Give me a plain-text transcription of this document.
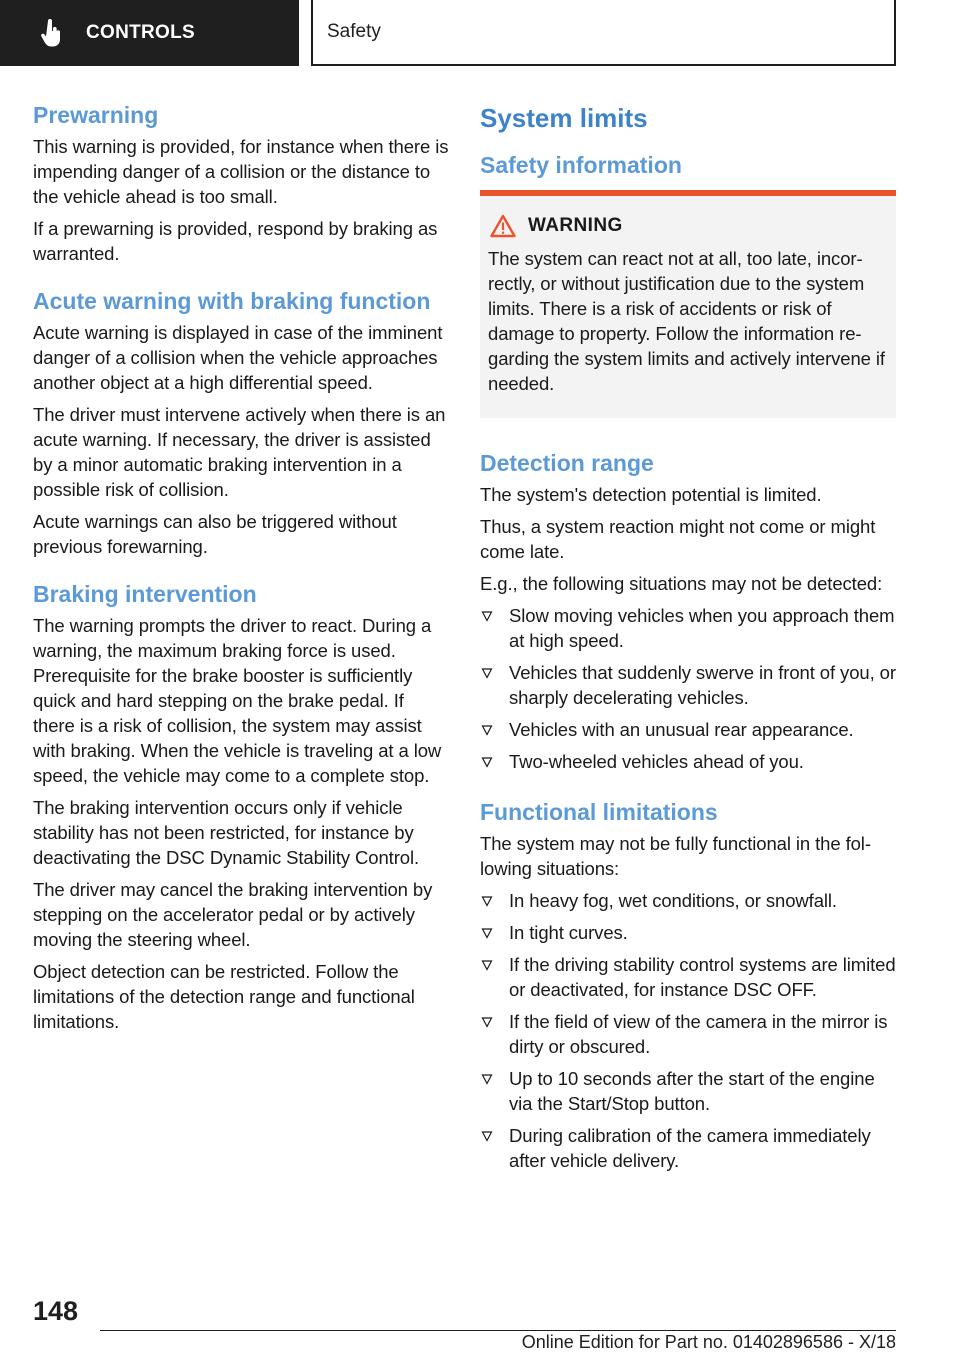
CONTROLS	Safety
Prewarning

This warning is provided, for instance when there is impending danger of a collision or the distance to the vehicle ahead is too small.

If a prewarning is provided, respond by braking as warranted.

Acute warning with braking function

Acute warning is displayed in case of the imminent danger of a collision when the vehicle approaches another object at a high differential speed.

The driver must intervene actively when there is an acute warning. If necessary, the driver is assisted by a minor automatic braking intervention in a possible risk of collision.

Acute warnings can also be triggered without previous forewarning.

Braking intervention

The warning prompts the driver to react. During a warning, the maximum braking force is used. Prerequisite for the brake booster is sufficiently quick and hard stepping on the brake pedal. If there is a risk of collision, the system may assist with braking. When the vehicle is traveling at a low speed, the vehicle may come to a complete stop.

The braking intervention occurs only if vehicle stability has not been restricted, for instance by deactivating the DSC Dynamic Stability Control.

The driver may cancel the braking intervention by stepping on the accelerator pedal or by actively moving the steering wheel.

Object detection can be restricted. Follow the limitations of the detection range and functional limitations.

System limits
Safety information
WARNING

The system can react not at all, too late, incorrectly, or without justification due to the system limits. There is a risk of accidents or risk of damage to property. Follow the information regarding the system limits and actively intervene if needed.

Detection range

The system's detection potential is limited.

Thus, a system reaction might not come or might come late.

E.g., the following situations may not be detected:

Slow moving vehicles when you approach them at high speed.
Vehicles that suddenly swerve in front of you, or sharply decelerating vehicles.
Vehicles with an unusual rear appearance.
Two-wheeled vehicles ahead of you.
Functional limitations

The system may not be fully functional in the following situations:

In heavy fog, wet conditions, or snowfall.
In tight curves.
If the driving stability control systems are limited or deactivated, for instance DSC OFF.
If the field of view of the camera in the mirror is dirty or obscured.
Up to 10 seconds after the start of the engine via the Start/Stop button.
During calibration of the camera immediately after vehicle delivery.
148
Online Edition for Part no. 01402896586 - X/18
